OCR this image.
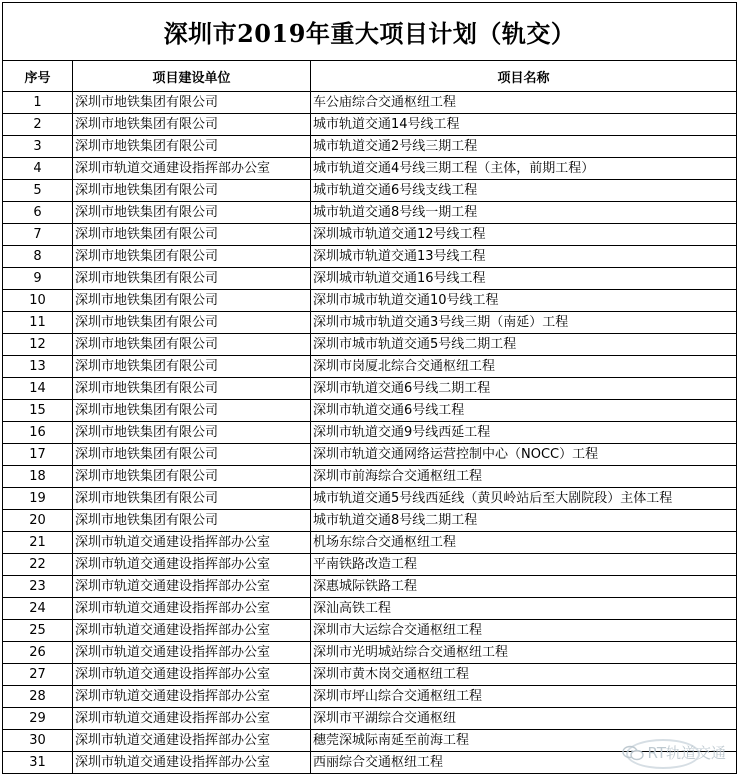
深圳市2019年重大项目计划（轨交）		
序号	项目建设单位	项目名称
1	深圳市地铁集团有限公司	车公庙综合交通枢纽工程
2	深圳市地铁集团有限公司	城市轨道交通14号线工程
3	深圳市地铁集团有限公司	城市轨道交通2号线三期工程
4	深圳市轨道交通建设指挥部办公室	城市轨道交通4号线三期工程（主体，前期工程）
5	深圳市地铁集团有限公司	城市轨道交通6号线支线工程
6	深圳市地铁集团有限公司	城市轨道交通8号线一期工程
7	深圳市地铁集团有限公司	深圳城市轨道交通12号线工程
8	深圳市地铁集团有限公司	深圳城市轨道交通13号线工程
9	深圳市地铁集团有限公司	深圳城市轨道交通16号线工程
10	深圳市地铁集团有限公司	深圳市城市轨道交通10号线工程
11	深圳市地铁集团有限公司	深圳市城市轨道交通3号线三期（南延）工程
12	深圳市地铁集团有限公司	深圳市城市轨道交通5号线二期工程
13	深圳市地铁集团有限公司	深圳市岗厦北综合交通枢纽工程
14	深圳市地铁集团有限公司	深圳市轨道交通6号线二期工程
15	深圳市地铁集团有限公司	深圳市轨道交通6号线工程
16	深圳市地铁集团有限公司	深圳市轨道交通9号线西延工程
17	深圳市地铁集团有限公司	深圳市轨道交通网络运营控制中心（NOCC）工程
18	深圳市地铁集团有限公司	深圳市前海综合交通枢纽工程
19	深圳市地铁集团有限公司	城市轨道交通5号线西延线（黄贝岭站后至大剧院段）主体工程
20	深圳市地铁集团有限公司	城市轨道交通8号线二期工程
21	深圳市轨道交通建设指挥部办公室	机场东综合交通枢纽工程
22	深圳市轨道交通建设指挥部办公室	平南铁路改造工程
23	深圳市轨道交通建设指挥部办公室	深惠城际铁路工程
24	深圳市轨道交通建设指挥部办公室	深汕高铁工程
25	深圳市轨道交通建设指挥部办公室	深圳市大运综合交通枢纽工程
26	深圳市轨道交通建设指挥部办公室	深圳市光明城站综合交通枢纽工程
27	深圳市轨道交通建设指挥部办公室	深圳市黄木岗交通枢纽工程
28	深圳市轨道交通建设指挥部办公室	深圳市坪山综合交通枢纽工程
29	深圳市轨道交通建设指挥部办公室	深圳市平湖综合交通枢纽
30	深圳市轨道交通建设指挥部办公室	穗莞深城际南延至前海工程
31	深圳市轨道交通建设指挥部办公室	西丽综合交通枢纽工程
RT轨道交通
